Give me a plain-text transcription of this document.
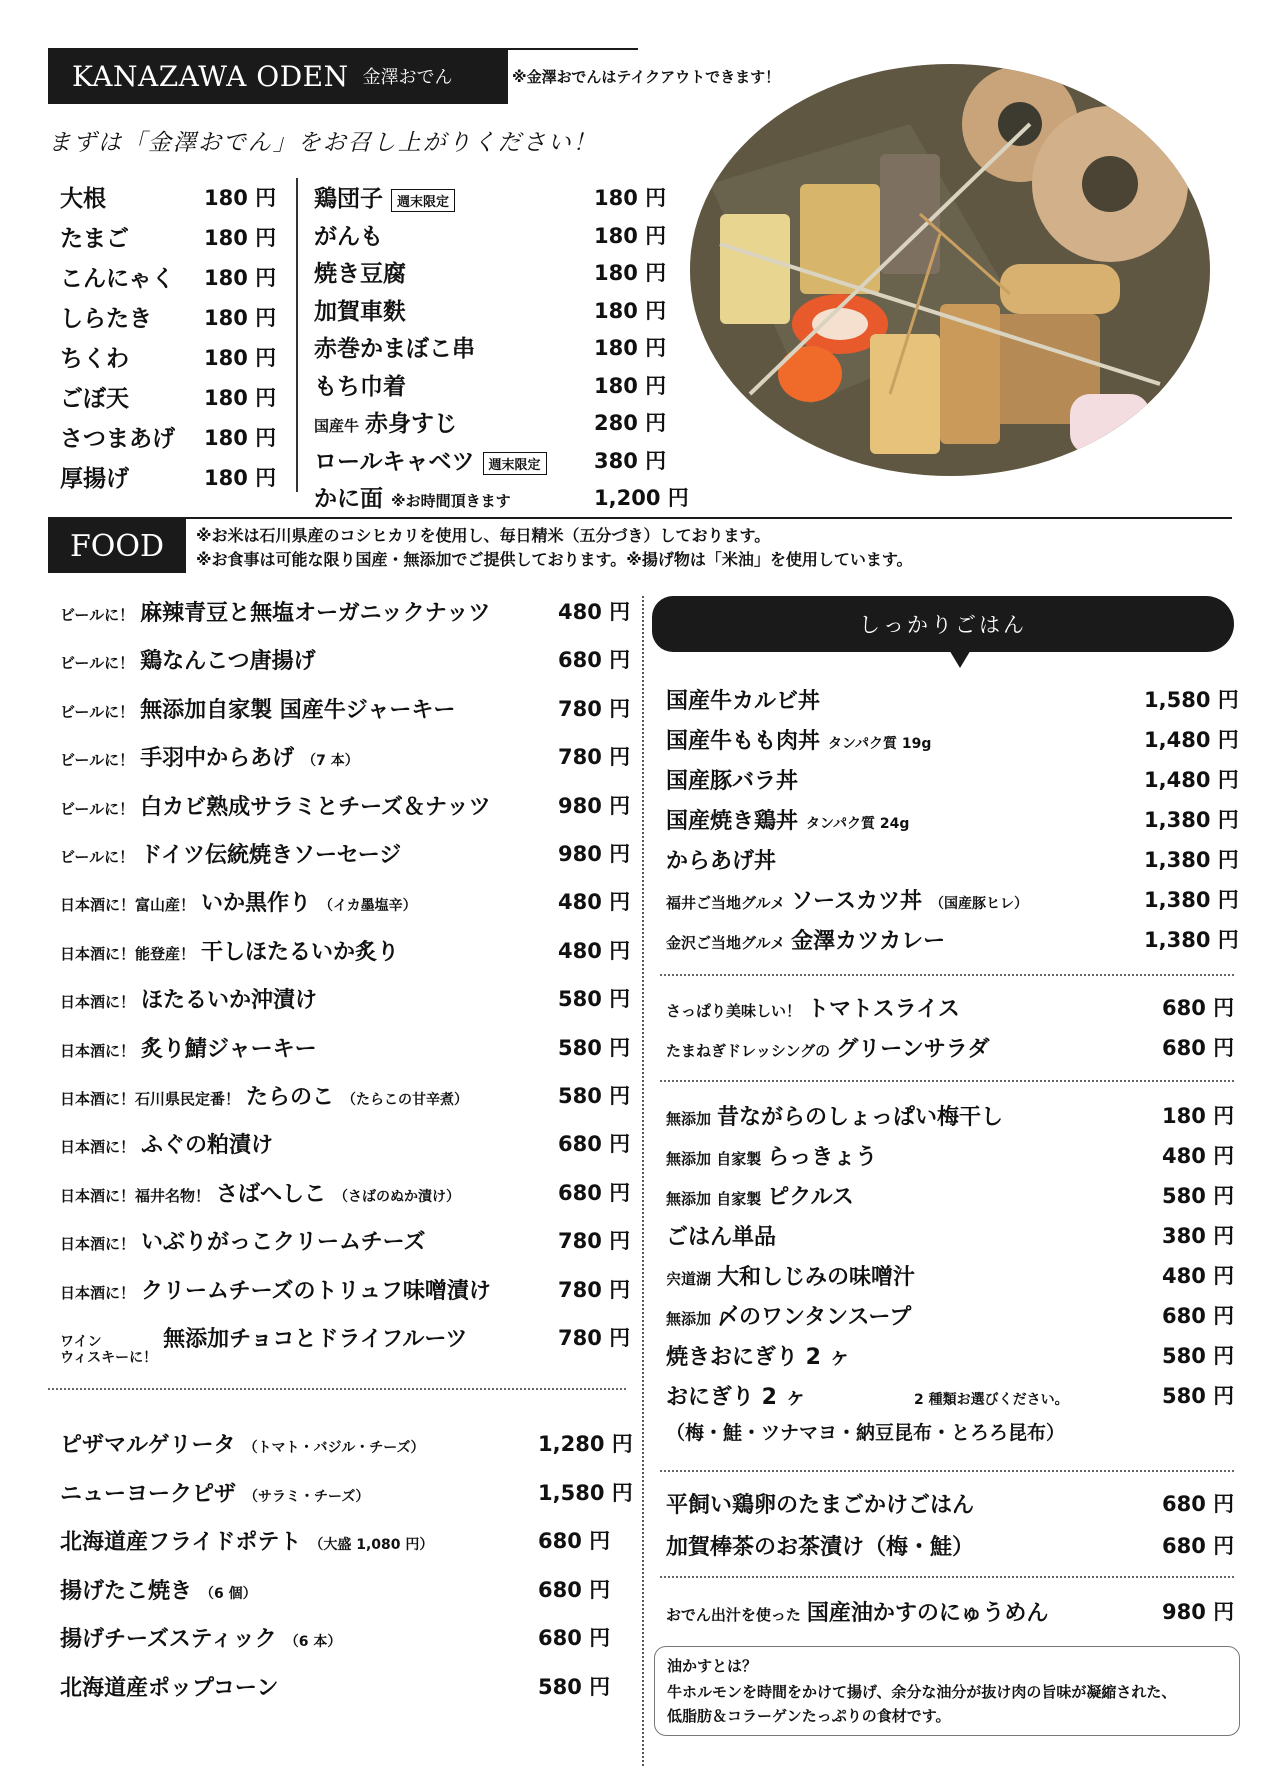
KANAZAWA ODEN 金澤おでん	※金澤おでんはテイクアウトできます！
まずは「金澤おでん」をお召し上がりください！
大根	180 円
たまご	180 円
こんにゃく 180 円
しらたき 180 円
ちくわ	180 円
ごぼ天	180 円
さつまあげ 180 円
厚揚げ	180 円
鶏団子	週末限定	180 円
がんも	180 円
焼き豆腐	180 円
加賀車麩	180 円
赤巻かまぼこ串	180 円
もち巾着	180 円
国産牛 赤身すじ	280 円
ロールキャベツ	週末限定	380 円
かに面 ※お時間頂きます	1,200 円
FOOD	※お米は石川県産のコシヒカリを使用し、毎日精米（五分づき）しております。
※お食事は可能な限り国産・無添加でご提供しております。※揚げ物は「米油」を使用しています。
ビールに！ 麻辣青豆と無塩オーガニックナッツ	480 円
ビールに！ 鶏なんこつ唐揚げ	680 円
ビールに！ 無添加自家製 国産牛ジャーキー	780 円
ビールに！ 手羽中からあげ （7 本）	780 円
ビールに！ 白カビ熟成サラミとチーズ＆ナッツ	980 円
ビールに！ ドイツ伝統焼きソーセージ	980 円
日本酒に！富山産！ いか黒作り （イカ墨塩辛）	480 円
日本酒に！能登産！ 干しほたるいか炙り	480 円
日本酒に！ ほたるいか沖漬け	580 円
日本酒に！ 炙り鯖ジャーキー	580 円
日本酒に！石川県民定番！ たらのこ （たらこの甘辛煮）	580 円
日本酒に！ ふぐの粕漬け	680 円
日本酒に！福井名物！ さばへしこ （さばのぬか漬け）	680 円
日本酒に！ いぶりがっこクリームチーズ	780 円
日本酒に！ クリームチーズのトリュフ味噌漬け	780 円
ワイン
ウィスキーに！
無添加チョコとドライフルーツ	780 円
ピザマルゲリータ （トマト・バジル・チーズ）	1,280 円
ニューヨークピザ （サラミ・チーズ）	1,580 円
北海道産フライドポテト （大盛 1,080 円）	680 円
揚げたこ焼き （6 個）	680 円
揚げチーズスティック （6 本）	680 円
北海道産ポップコーン	580 円
しっかりごはん
国産牛カルビ丼	1,580 円
国産牛もも肉丼 タンパク質 19g	1,480 円
国産豚バラ丼	1,480 円
国産焼き鶏丼 タンパク質 24g	1,380 円
からあげ丼	1,380 円
福井ご当地グルメ ソースカツ丼 （国産豚ヒレ）	1,380 円
金沢ご当地グルメ 金澤カツカレー	1,380 円
さっぱり美味しい！ トマトスライス	680 円
たまねぎドレッシングの グリーンサラダ	680 円
無添加 昔ながらのしょっぱい梅干し	180 円
無添加 自家製 らっきょう	480 円
無添加 自家製 ピクルス	580 円
ごはん単品	380 円
宍道湖 大和しじみの味噌汁	480 円
無添加 〆のワンタンスープ	680 円
焼きおにぎり 2 ヶ	580 円
おにぎり 2 ヶ	2 種類お選びください。	580 円
平飼い鶏卵のたまごかけごはん	680 円
加賀棒茶のお茶漬け（梅・鮭）	680 円
おでん出汁を使った 国産油かすのにゅうめん	980 円
（梅・鮭・ツナマヨ・納豆昆布・とろろ昆布）
油かすとは？
牛ホルモンを時間をかけて揚げ、余分な油分が抜け肉の旨味が凝縮された、
低脂肪＆コラーゲンたっぷりの食材です。
